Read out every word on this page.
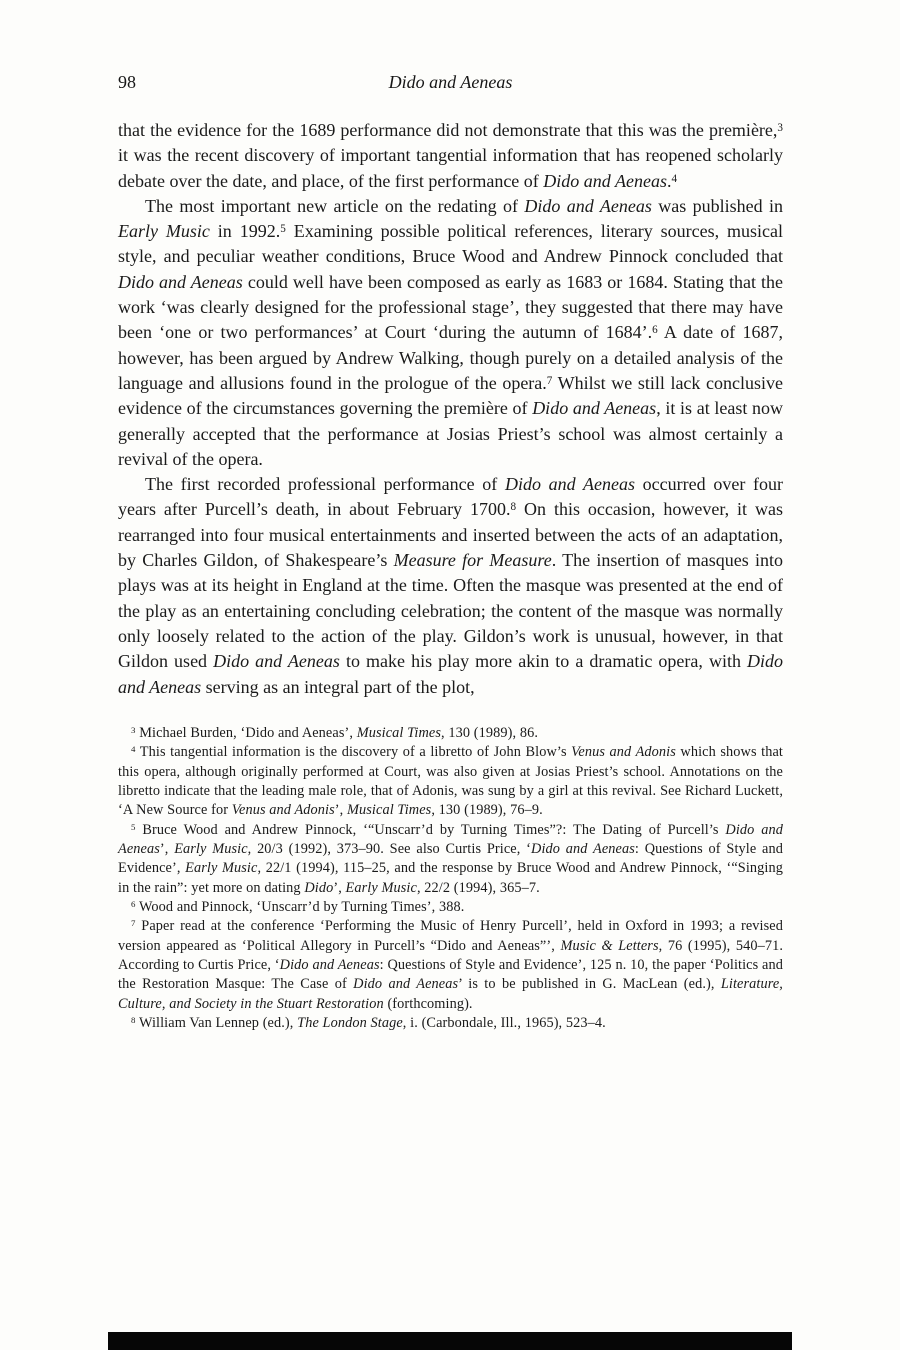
98	Dido and Aeneas

that the evidence for the 1689 performance did not demonstrate that this was the première,$^3$ it was the recent discovery of important tangential information that has reopened scholarly debate over the date, and place, of the first performance of Dido and Aeneas.$^4$

The most important new article on the redating of Dido and Aeneas was published in Early Music in 1992.$^5$ Examining possible political references, literary sources, musical style, and peculiar weather conditions, Bruce Wood and Andrew Pinnock concluded that Dido and Aeneas could well have been composed as early as 1683 or 1684. Stating that the work ‘was clearly designed for the professional stage’, they suggested that there may have been ‘one or two performances’ at Court ‘during the autumn of 1684’.$^6$ A date of 1687, however, has been argued by Andrew Walking, though purely on a detailed analysis of the language and allusions found in the prologue of the opera.$^7$ Whilst we still lack conclusive evidence of the circumstances governing the première of Dido and Aeneas, it is at least now generally accepted that the performance at Josias Priest’s school was almost certainly a revival of the opera.

The first recorded professional performance of Dido and Aeneas occurred over four years after Purcell’s death, in about February 1700.$^8$ On this occasion, however, it was rearranged into four musical entertainments and inserted between the acts of an adaptation, by Charles Gildon, of Shakespeare’s Measure for Measure. The insertion of masques into plays was at its height in England at the time. Often the masque was presented at the end of the play as an entertaining concluding celebration; the content of the masque was normally only loosely related to the action of the play. Gildon’s work is unusual, however, in that Gildon used Dido and Aeneas to make his play more akin to a dramatic opera, with Dido and Aeneas serving as an integral part of the plot,

$^3$ Michael Burden, ‘Dido and Aeneas’, Musical Times, 130 (1989), 86.

$^4$ This tangential information is the discovery of a libretto of John Blow’s Venus and Adonis which shows that this opera, although originally performed at Court, was also given at Josias Priest’s school. Annotations on the libretto indicate that the leading male role, that of Adonis, was sung by a girl at this revival. See Richard Luckett, ‘A New Source for Venus and Adonis’, Musical Times, 130 (1989), 76–9.

$^5$ Bruce Wood and Andrew Pinnock, ‘“Unscarr’d by Turning Times”?: The Dating of Purcell’s Dido and Aeneas’, Early Music, 20/3 (1992), 373–90. See also Curtis Price, ‘Dido and Aeneas: Questions of Style and Evidence’, Early Music, 22/1 (1994), 115–25, and the response by Bruce Wood and Andrew Pinnock, ‘“Singing in the rain”: yet more on dating Dido’, Early Music, 22/2 (1994), 365–7.

$^6$ Wood and Pinnock, ‘Unscarr’d by Turning Times’, 388.

$^7$ Paper read at the conference ‘Performing the Music of Henry Purcell’, held in Oxford in 1993; a revised version appeared as ‘Political Allegory in Purcell’s “Dido and Aeneas”’, Music & Letters, 76 (1995), 540–71. According to Curtis Price, ‘Dido and Aeneas: Questions of Style and Evidence’, 125 n. 10, the paper ‘Politics and the Restoration Masque: The Case of Dido and Aeneas’ is to be published in G. MacLean (ed.), Literature, Culture, and Society in the Stuart Restoration (forthcoming).

$^8$ William Van Lennep (ed.), The London Stage, i. (Carbondale, Ill., 1965), 523–4.
